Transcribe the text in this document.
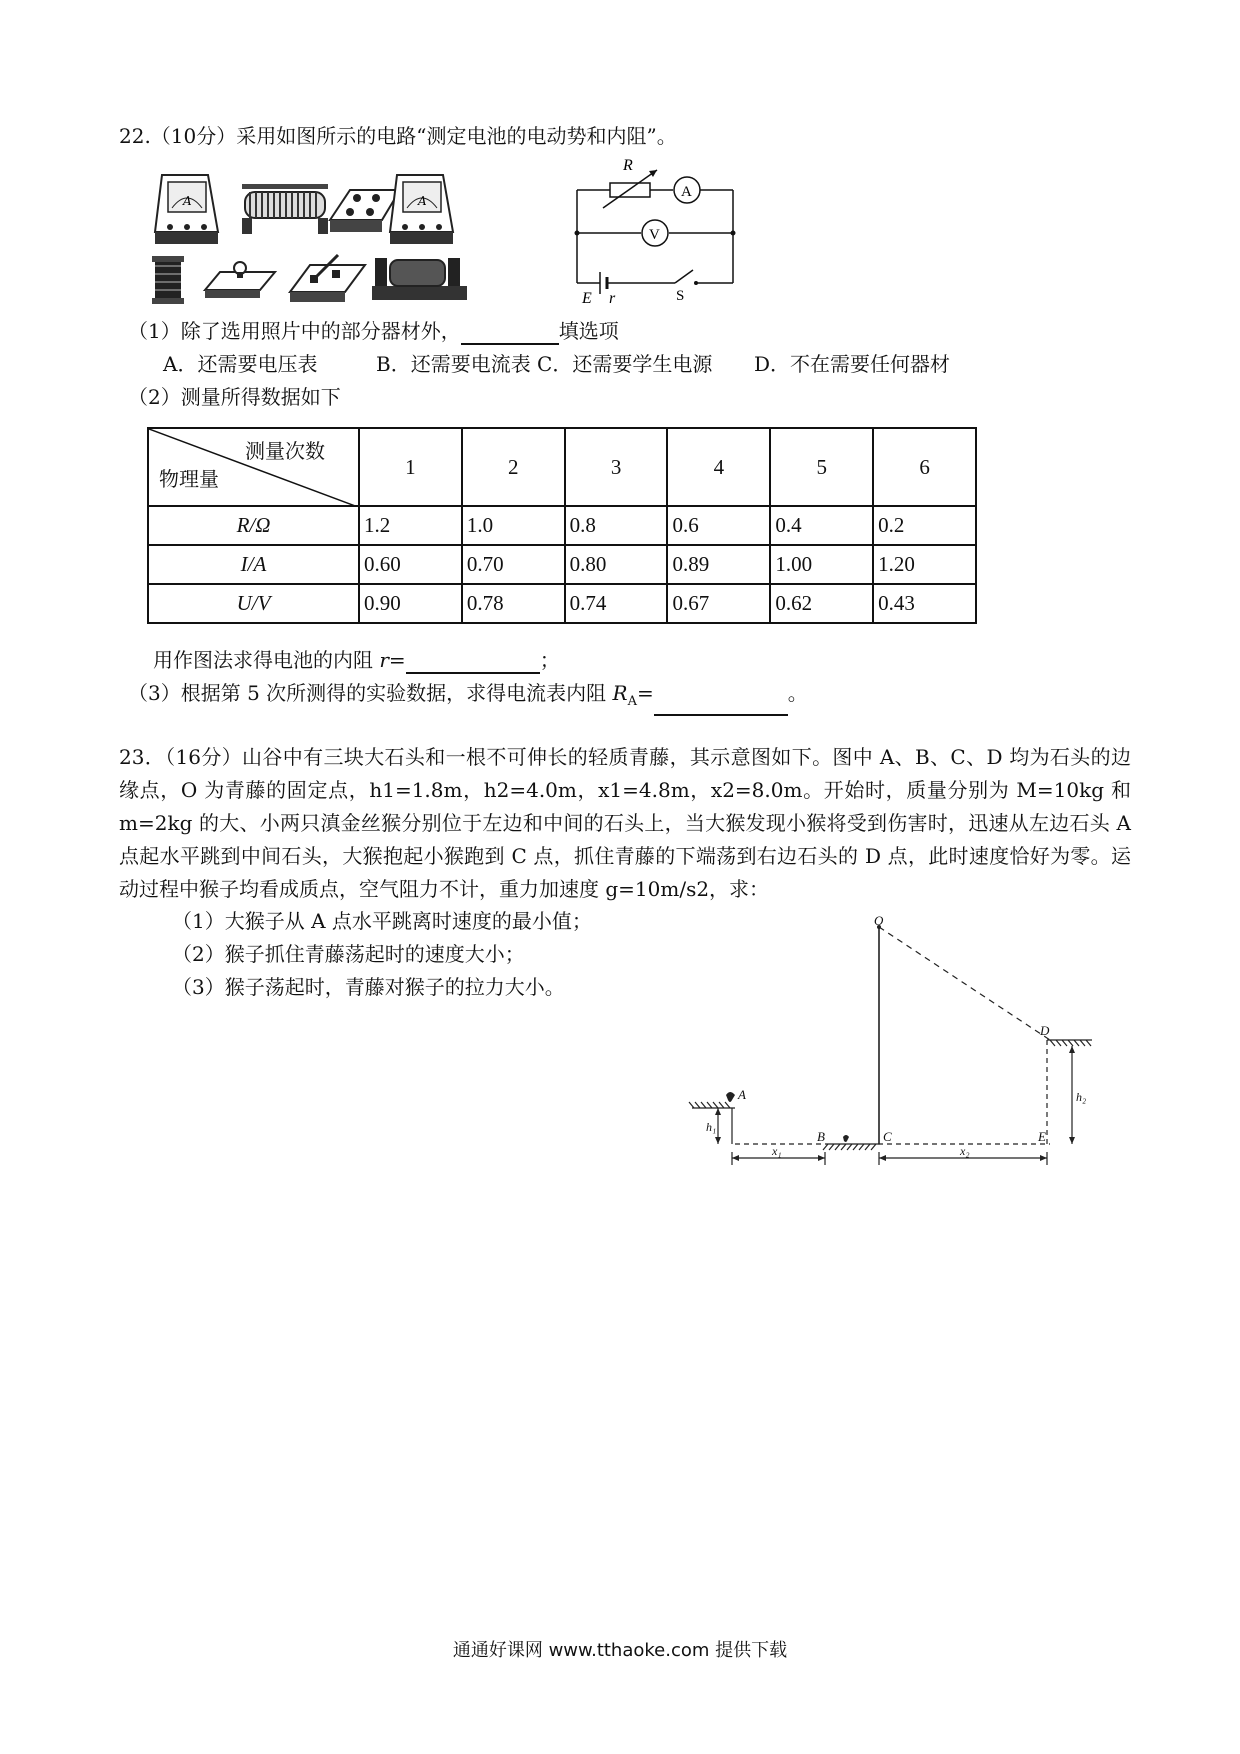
22.（10分）采用如图所示的电路“测定电池的电动势和内阻”。
A	A
R
A
V
E r	S
（1）除了选用照片中的部分器材外，	填选项
A．还需要电压表	B．还需要电流表 C．还需要学生电源 D．不在需要任何器材
（2）测量所得数据如下
测量次数
物理量	1	2	3	4	5	6
R/Ω	1.2	1.0	0.8	0.6	0.4	0.2
I/A	0.60	0.70	0.80	0.89	1.00	1.20
U/V	0.90	0.78	0.74	0.67	0.62	0.43
用作图法求得电池的内阻 r=	；
（3）根据第 5 次所测得的实验数据，求得电流表内阻 $R_A=$	。
23．（16分）山谷中有三块大石头和一根不可伸长的轻质青藤，其示意图如下。图中 A、B、C、D 均为石头的边缘点，O 为青藤的固定点，h1=1.8m，h2=4.0m，x1=4.8m，x2=8.0m。开始时，质量分别为 M=10kg 和 m=2kg 的大、小两只滇金丝猴分别位于左边和中间的石头上，当大猴发现小猴将受到伤害时，迅速从左边石头 A 点起水平跳到中间石头，大猴抱起小猴跑到 C 点，抓住青藤的下端荡到右边石头的 D 点，此时速度恰好为零。运动过程中猴子均看成质点，空气阻力不计，重力加速度 g=10m/s2，求：
（1）大猴子从 A 点水平跳离时速度的最小值；
（2）猴子抓住青藤荡起时的速度大小；
（3）猴子荡起时，青藤对猴子的拉力大小。
O
A
B	C
D
E
h₁
h₂
x₁	x₂
通通好课网 www.tthaoke.com 提供下载
